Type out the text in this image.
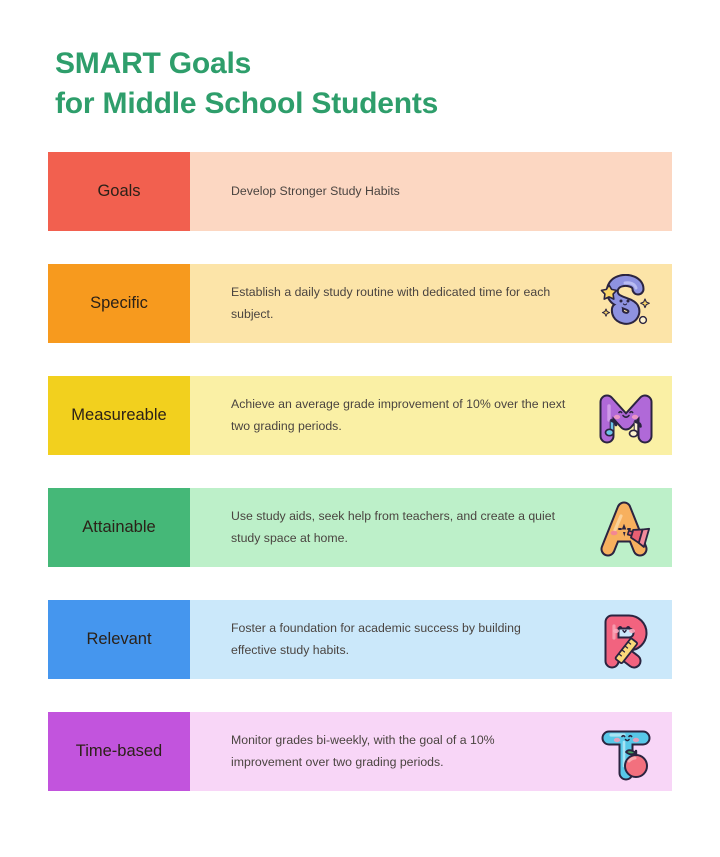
SMART Goals
for Middle School Students
Goals	Develop Stronger Study Habits
Specific
Establish a daily study routine with dedicated time for each subject.
Measureable
Achieve an average grade improvement of 10% over the next two grading periods.
Attainable
Use study aids, seek help from teachers, and create a quiet study space at home.
Relevant
Foster a foundation for academic success by building effective study habits.
Time-based
Monitor grades bi-weekly, with the goal of a 10% improvement over two grading periods.
